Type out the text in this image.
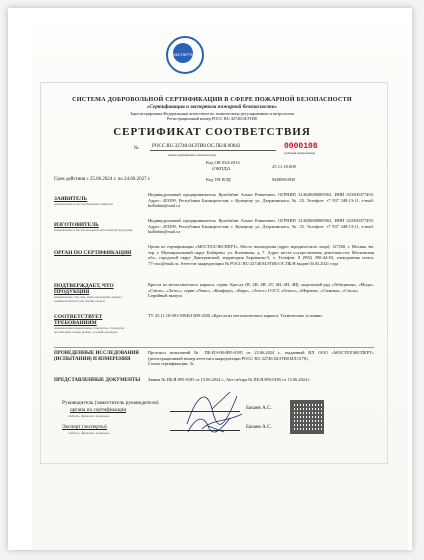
ЭКСПЕРТИЗА
СИСТЕМА ДОБРОВОЛЬНОЙ СЕРТИФИКАЦИИ В СФЕРЕ ПОЖАРНОЙ БЕЗОПАСНОСТИ
«Сертификация и экспертиза пожарной безопасности»
Зарегистрирована Федеральным агентством по техническому регулированию и метрологии
Регистрационный номер РОСС RU.З2740.04ЭТИ0
СЕРТИФИКАТ СООТВЕТСТВИЯ
№	РОСС RU.32748.04ЭТИ0.ОС.ПБ/Я.00042
(номер сертификата соответствия)
0000108
(учётный номер бланка)
Код ОК 034-2014
(ОКПД2)	25.11.10.000
Срок действия с 25.06.2024 г. по 24.06.2027 г.	Код ТН ВЭД	9406901000
ЗАЯВИТЕЛЬ
наименование и местонахождение заявителя
Индивидуальный предприниматель Кульбабин Алмаз Ринатович, ОГРНИП 314028600085963, ИНН 023300377493. Адрес: 453399, Республика Башкортостан, г. Кумертау, ул. Дзержинского, №. 25. Телефон: +7 937 348-13-11, e-mail: kulbabin@mail.ru
ИЗГОТОВИТЕЛЬ
наименование и местонахождение изготовителя продукции
Индивидуальный предприниматель Кульбабин Алмаз Ринатович, ОГРНИП 314028600085963, ИНН 023300377493. Адрес: 453399, Республика Башкортостан, г. Кумертау, ул. Дзержинского, №. 25. Телефон: +7 937 348-13-11, e-mail: kulbabin@mail.ru
ОРГАН ПО СЕРТИФИКАЦИИ
Орган по сертификации «МОСТЕХЭКСПЕРТ». Место нахождения (адрес юридического лица): 127560, г. Москва, вн. тер. г. Муниципальный округ Бибирево, ул. Коненкова, д. 7. Адрес места осуществления деятельности: Московская обл., городской округ Дмитровский, территория Боровково-5, т. Телефон: 8 (992) 390-44-03, электронная почта: 77+ooo@mail.ru. Аттестат аккредитации № РОСС RU.32748.04ЭТИ0.ОС.ПБ/Я выдан 04.03.2021 года
ПОДТВЕРЖДАЕТ, ЧТО ПРОДУКЦИЯ
наименование, тип, вид, марка продукции, данные о серийном выпуске или партии товаров
Кресла из металлического каркаса, серии: Кресла (Н, 2Н, 4Н, 4Т, 4Н, 4Н, 4Н), модельный ряд «Лебединая», «Мода», «Стиль», «Лотос», серии «Люкс», «Комфорт», «Евро», «Лотос» ГОСТ, «Оскол», «Мерлин», «Стоянка», «Стиль».
Серийный выпуск
СООТВЕТСТВУЕТ ТРЕБОВАНИЯМ
наименование национальных стандартов, стандартов организаций, сводов правил, условий договоров
ТУ 25.11.10-001-0394615В9-2020 «Кресла из металлического каркаса. Технические условия»
ПРОВЕДЕННЫЕ ИССЛЕДОВАНИЯ (ИСПЫТАНИЯ) И ИЗМЕРЕНИЯ
Протокол испытаний № ПБ-ИЭ-08-Я95-0185 от 25.06.2024 г., выданный ИЛ ООО «МОСТЕХЭКСПЕРТ» (регистрационный номер аттестата аккредитации РОСС RU.32748.04ЭТИ0.ИЛ.0178).
Схема сертификации: 3с
ПРЕДСТАВЛЕННЫЕ ДОКУМЕНТЫ	Заявка № ПБ/Я.895-0185 от 15.06.2024 г., Акт отбора № ПБ/Я.895-0185 от 15.06.2024 г.
Руководитель (заместитель руководителя)
органа по сертификации
подпись, фамилия, инициалы
Бачаев А.С.
Эксперт (эксперты)
подпись, фамилия, инициалы
Бачаев А.С.
